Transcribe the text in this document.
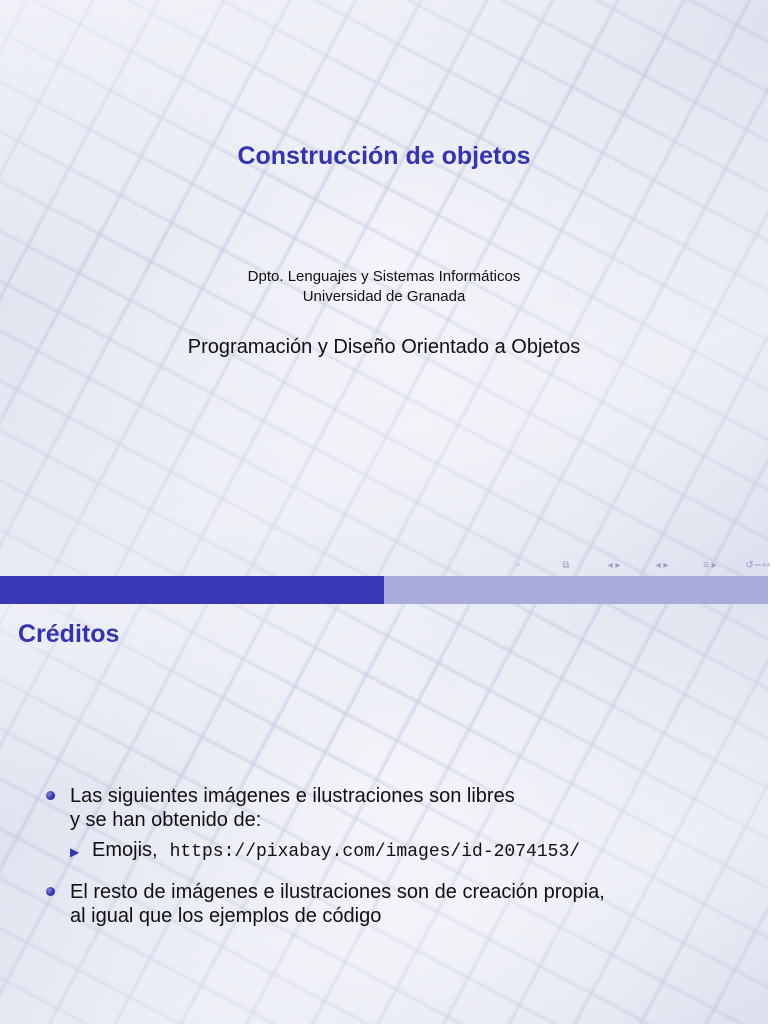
Construcción de objetos
Dpto. Lenguajes y Sistemas Informáticos
Universidad de Granada
Programación y Diseño Orientado a Objetos
▫	⧉	◂ ▸	◂ ▸	≡ ▸	↺∽∾
Créditos
Las siguientes imágenes e ilustraciones son libres
y se han obtenido de:
▶ Emojis, https://pixabay.com/images/id-2074153/
El resto de imágenes e ilustraciones son de creación propia,
al igual que los ejemplos de código
